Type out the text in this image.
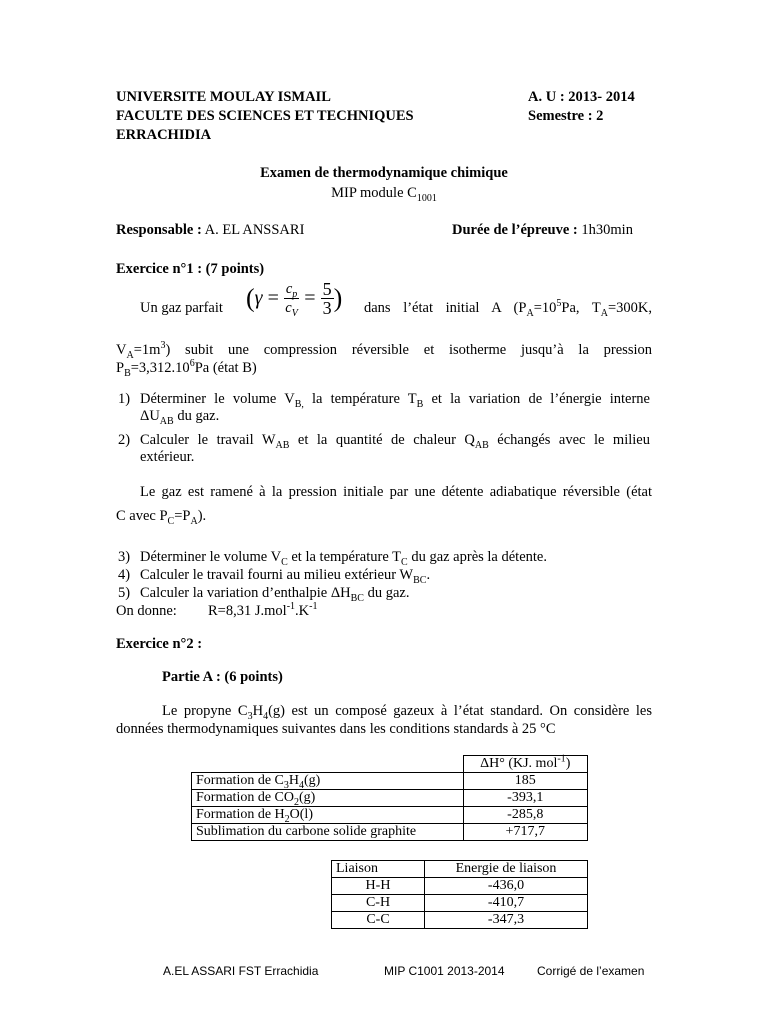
UNIVERSITE MOULAY ISMAIL
FACULTE DES SCIENCES ET TECHNIQUES
ERRACHIDIA
A. U : 2013- 2014
Semestre : 2
Examen de thermodynamique chimique
MIP module $C_{1001}$
Responsable : A. EL ANSSARI	Durée de l’épreuve : 1h30min
Exercice n°1 : (7 points)
Un gaz parfait ($\gamma = \frac{c_p}{c_V} = \frac{5}{3}$ ) dans l’état initial A ($P_A=10^5Pa$, $T_A=300K$,
$V_A=1m^3$) subit une compression réversible et isotherme jusqu’à la pression
$P_B=3,312.10^6Pa$ (état B)
1) Déterminer le volume $V_{B,}$ la température $T_B$ et la variation de l’énergie interne
$\Delta U_{AB}$ du gaz.
2) Calculer le travail $W_{AB}$ et la quantité de chaleur $Q_{AB}$ échangés avec le milieu
extérieur.
Le gaz est ramené à la pression initiale par une détente adiabatique réversible (état
C avec $P_C=P_A$).
3) Déterminer le volume $V_C$ et la température $T_C$ du gaz après la détente.
4) Calculer le travail fourni au milieu extérieur $W_{BC}$.
5) Calculer la variation d’enthalpie $\Delta H_{BC}$ du gaz.
On donne: R=8,31 $J.mol^{-1}.K^{-1}$
Exercice n°2 :
Partie A : (6 points)
Le propyne $C_3H_4(g)$ est un composé gazeux à l’état standard. On considère les
données thermodynamiques suivantes dans les conditions standards à 25 °C
	ΔH° (KJ. mol$^{-1}$)
Formation de $C_3H_4(g)$	185
Formation de $CO_2(g)$	-393,1
Formation de $H_2O(l)$	-285,8
Sublimation du carbone solide graphite	+717,7
Liaison	Energie de liaison
H-H	-436,0
C-H	-410,7
C-C	-347,3
A.EL ASSARI FST Errachidia	MIP C1001 2013-2014	Corrigé de l’examen
